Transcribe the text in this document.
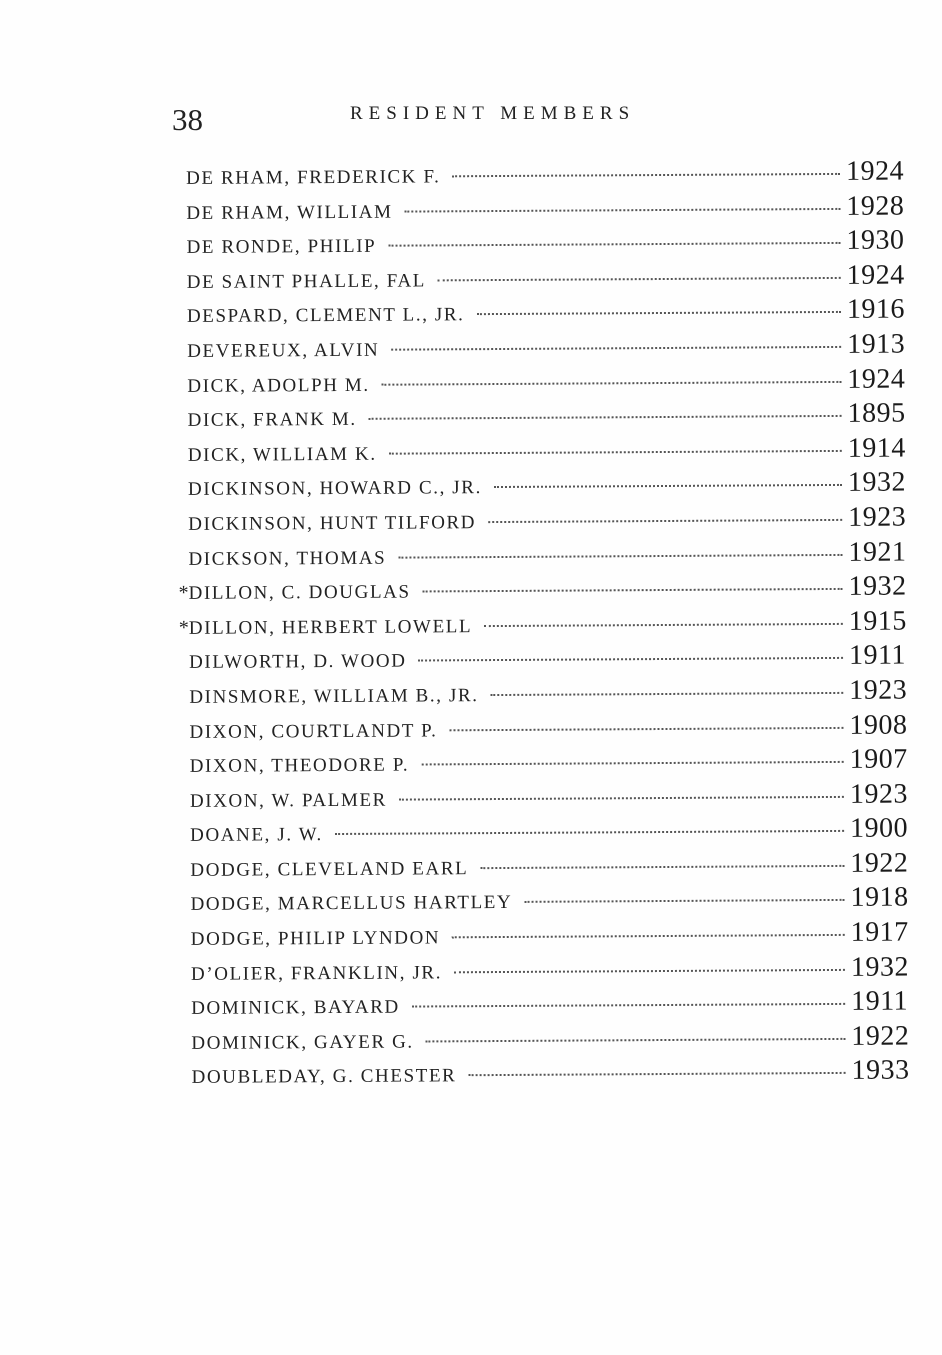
38	RESIDENT MEMBERS
DE RHAM, FREDERICK F.	1924
DE RHAM, WILLIAM	1928
DE RONDE, PHILIP	1930
DE SAINT PHALLE, FAL	1924
DESPARD, CLEMENT L., JR.	1916
DEVEREUX, ALVIN	1913
DICK, ADOLPH M.	1924
DICK, FRANK M.	1895
DICK, WILLIAM K.	1914
DICKINSON, HOWARD C., JR.	1932
DICKINSON, HUNT TILFORD	1923
DICKSON, THOMAS	1921
* DILLON, C. DOUGLAS	1932
* DILLON, HERBERT LOWELL	1915
DILWORTH, D. WOOD	1911
DINSMORE, WILLIAM B., JR.	1923
DIXON, COURTLANDT P.	1908
DIXON, THEODORE P.	1907
DIXON, W. PALMER	1923
DOANE, J. W.	1900
DODGE, CLEVELAND EARL	1922
DODGE, MARCELLUS HARTLEY	1918
DODGE, PHILIP LYNDON	1917
D’OLIER, FRANKLIN, JR.	1932
DOMINICK, BAYARD	1911
DOMINICK, GAYER G.	1922
DOUBLEDAY, G. CHESTER	1933
